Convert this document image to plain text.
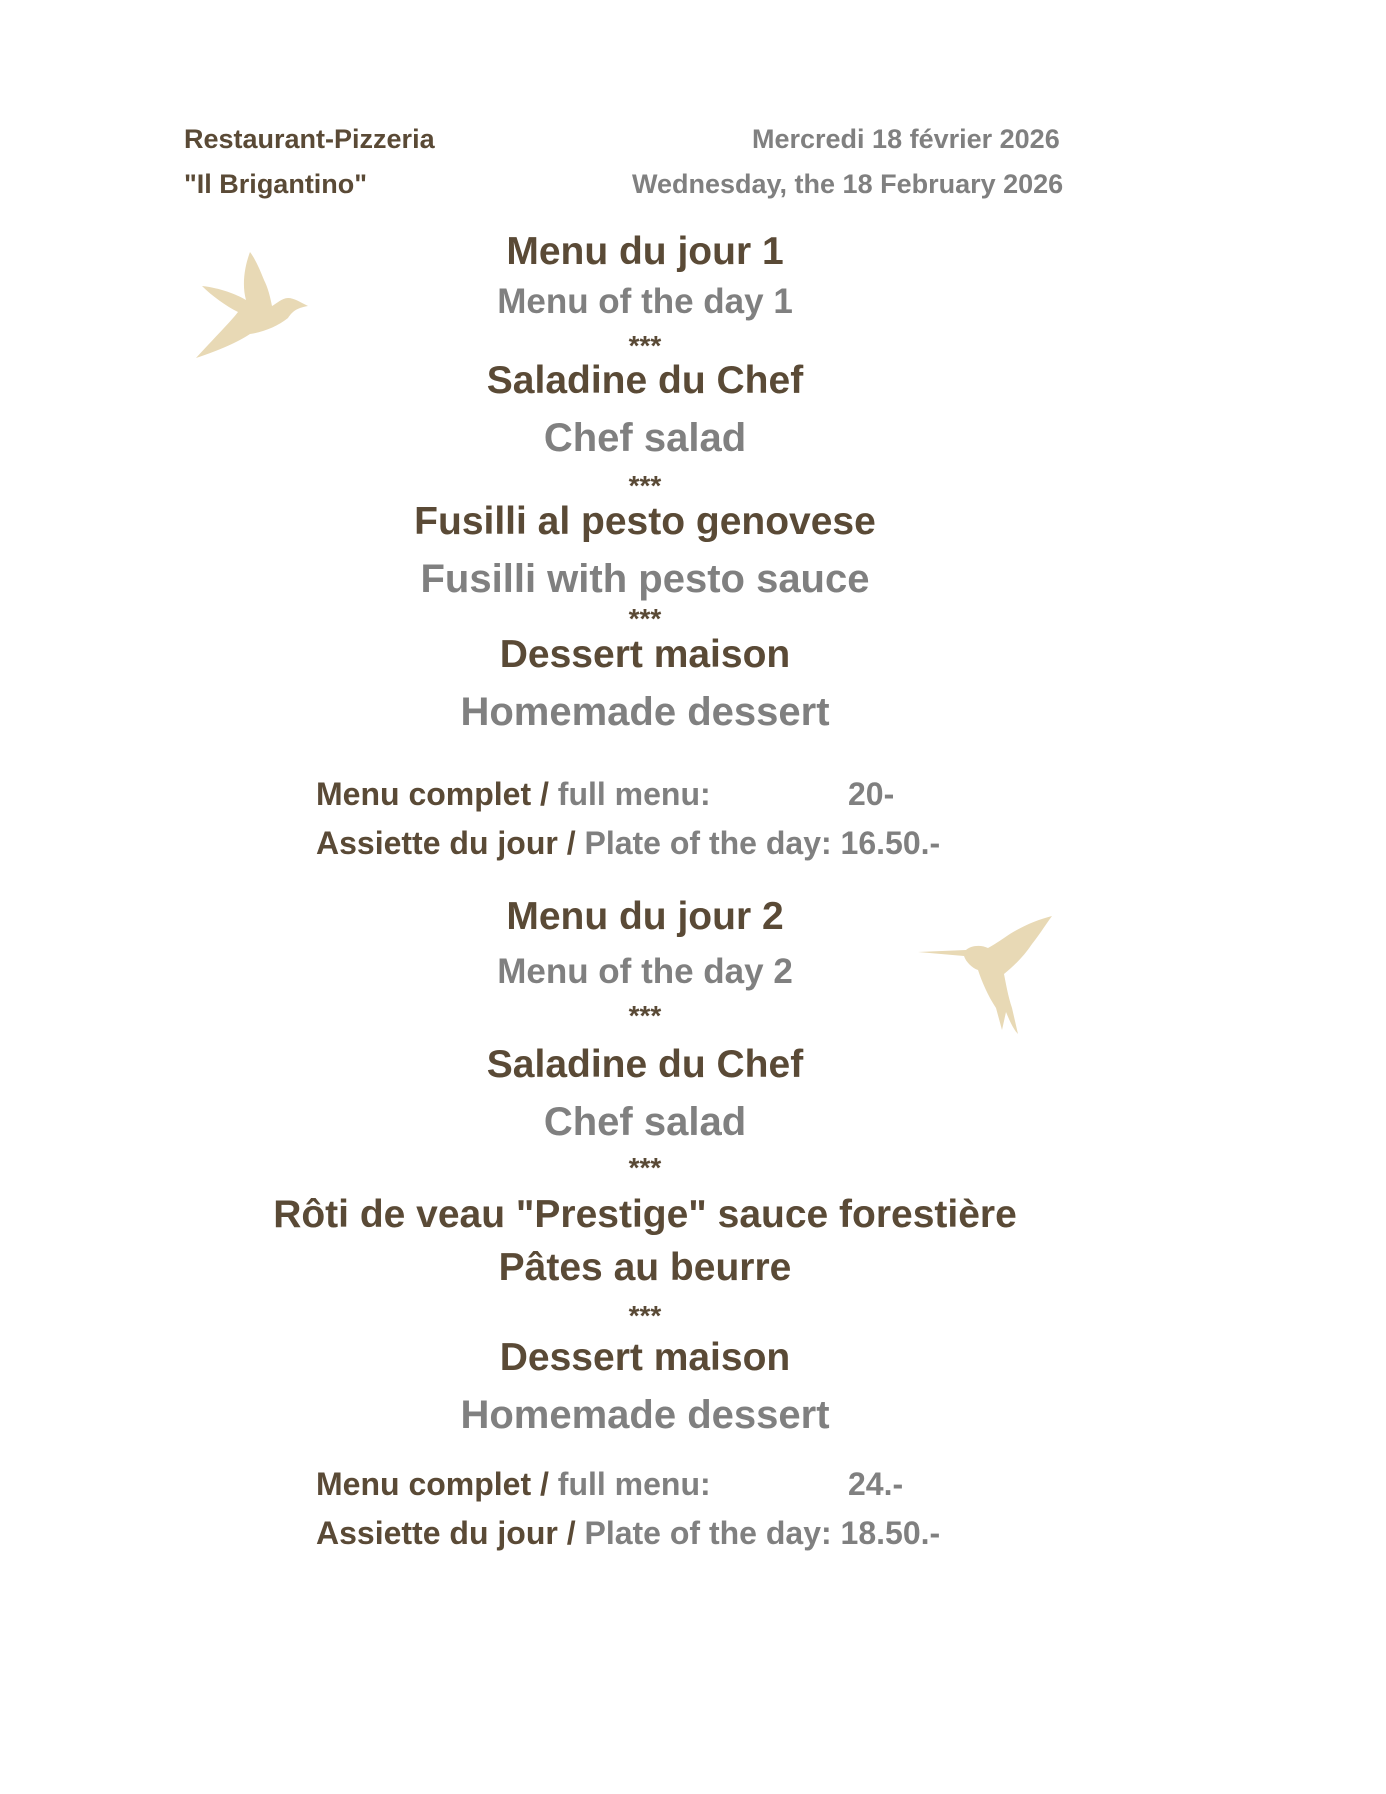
Restaurant-Pizzeria
"Il Brigantino"
Mercredi 18 février 2026
Wednesday, the 18 February 2026
Menu du jour 1
Menu of the day 1
***
Saladine du Chef
Chef salad
***
Fusilli al pesto genovese
***
Fusilli with pesto sauce
Dessert maison
Homemade dessert
Menu complet / full menu:	20-
Assiette du jour / Plate of the day: 16.50.-
Menu du jour 2
Menu of the day 2
***
Saladine du Chef
Chef salad
***
Rôti de veau "Prestige" sauce forestière
Pâtes au beurre
***
Dessert maison
Homemade dessert
Menu complet / full menu:	24.-
Assiette du jour / Plate of the day: 18.50.-
